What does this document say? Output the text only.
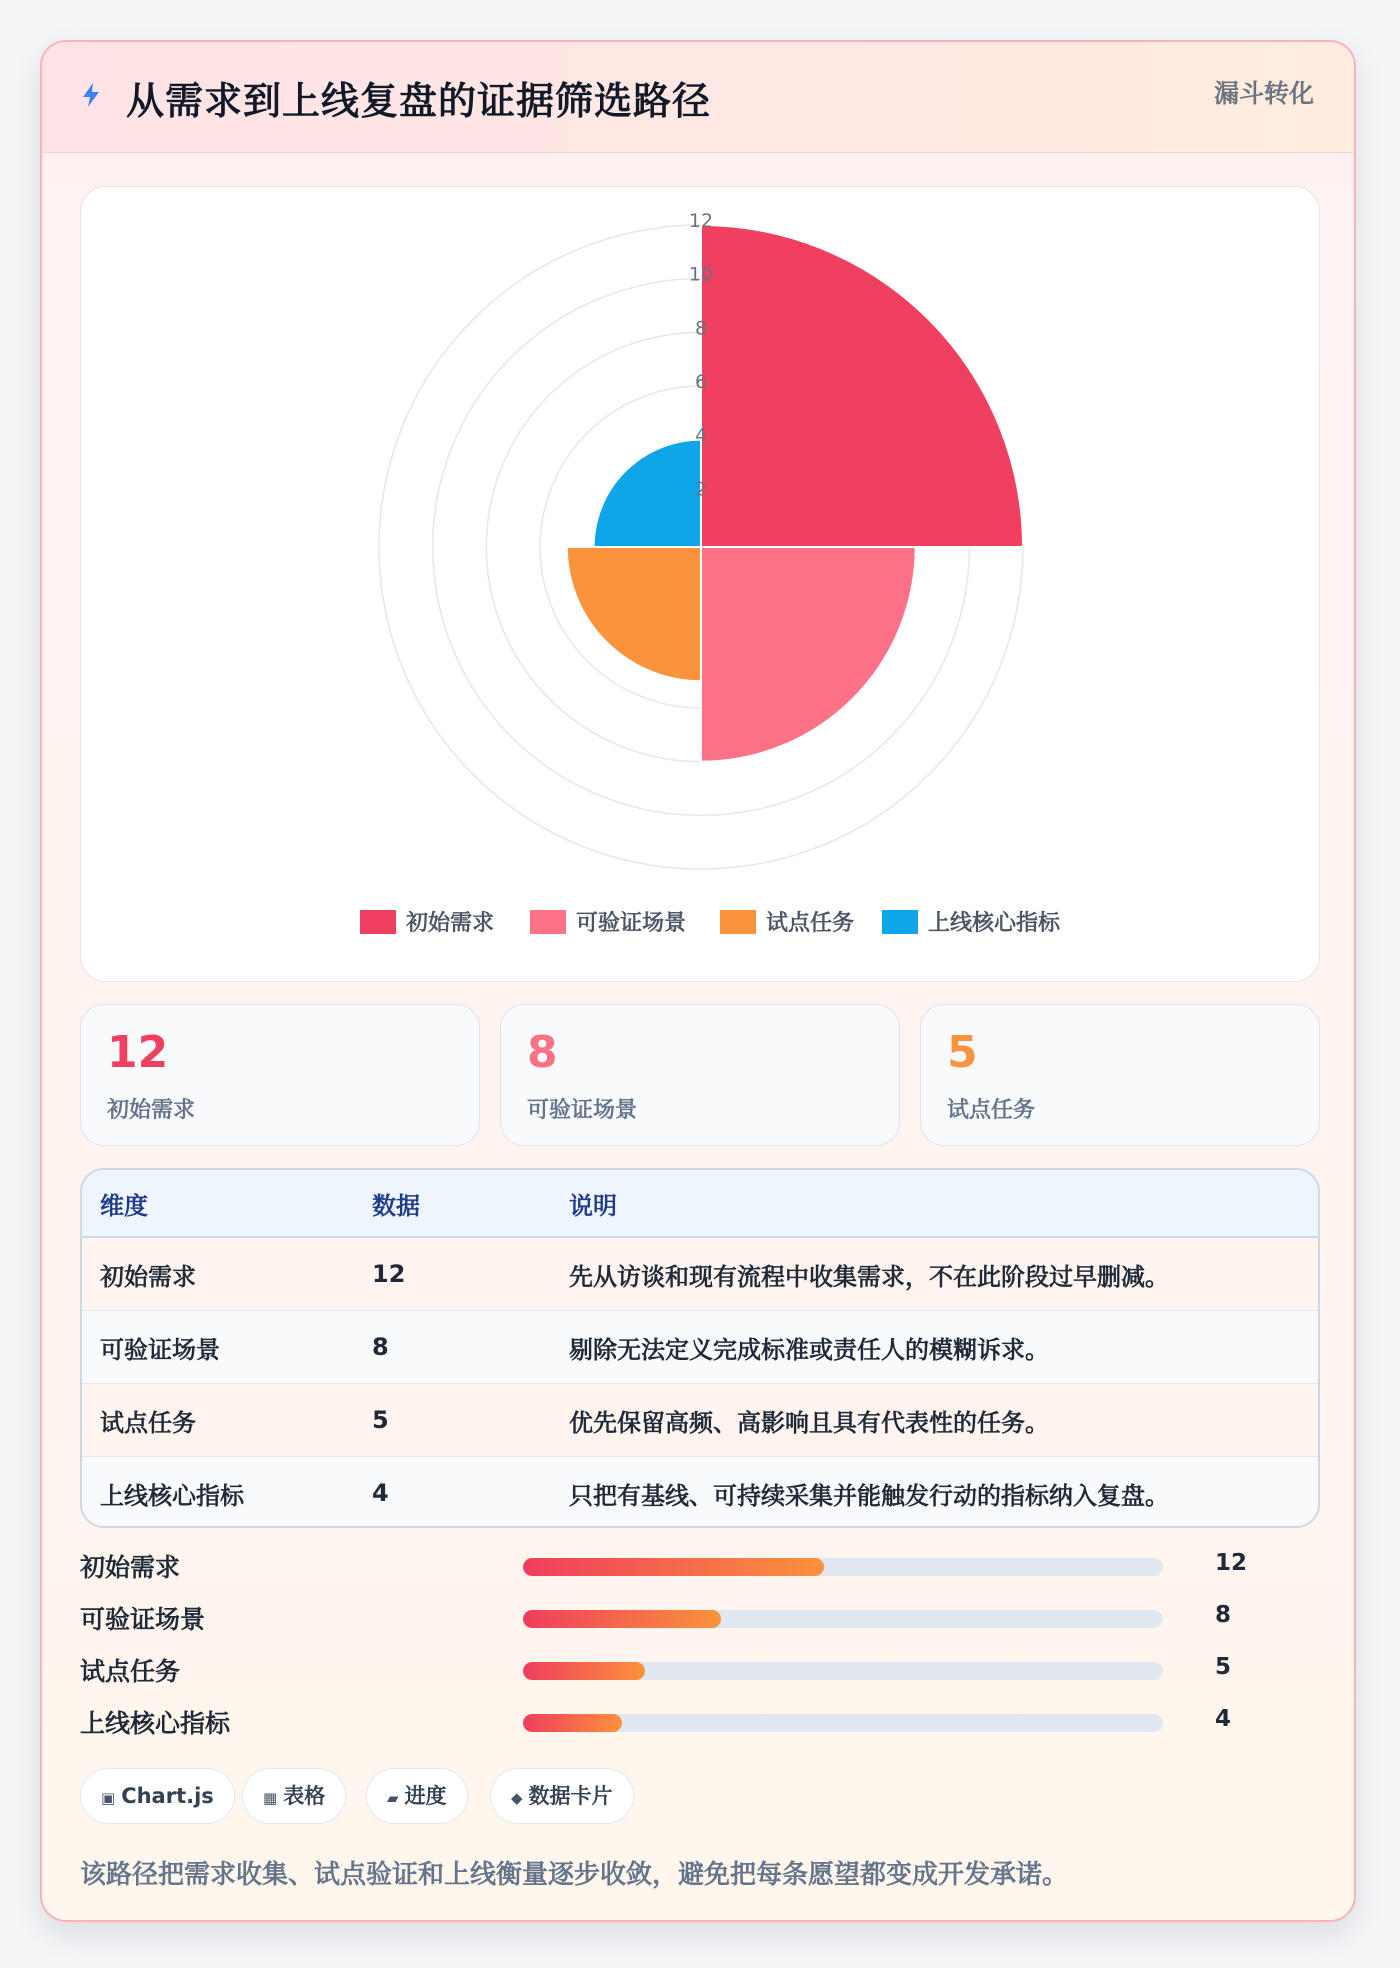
从需求到上线复盘的证据筛选路径	漏斗转化
2
4
6
8
10
12
初始需求	可验证场景	试点任务	上线核心指标
12
初始需求
8
可验证场景
5
试点任务
维度	数据	说明
初始需求	12	先从访谈和现有流程中收集需求，不在此阶段过早删减。
可验证场景	8	剔除无法定义完成标准或责任人的模糊诉求。
试点任务	5	优先保留高频、高影响且具有代表性的任务。
上线核心指标	4	只把有基线、可持续采集并能触发行动的指标纳入复盘。
初始需求	12
可验证场景	8
试点任务	5
上线核心指标	4
▣ Chart.js	▦ 表格	▰ 进度	◆ 数据卡片
该路径把需求收集、试点验证和上线衡量逐步收敛，避免把每条愿望都变成开发承诺。
